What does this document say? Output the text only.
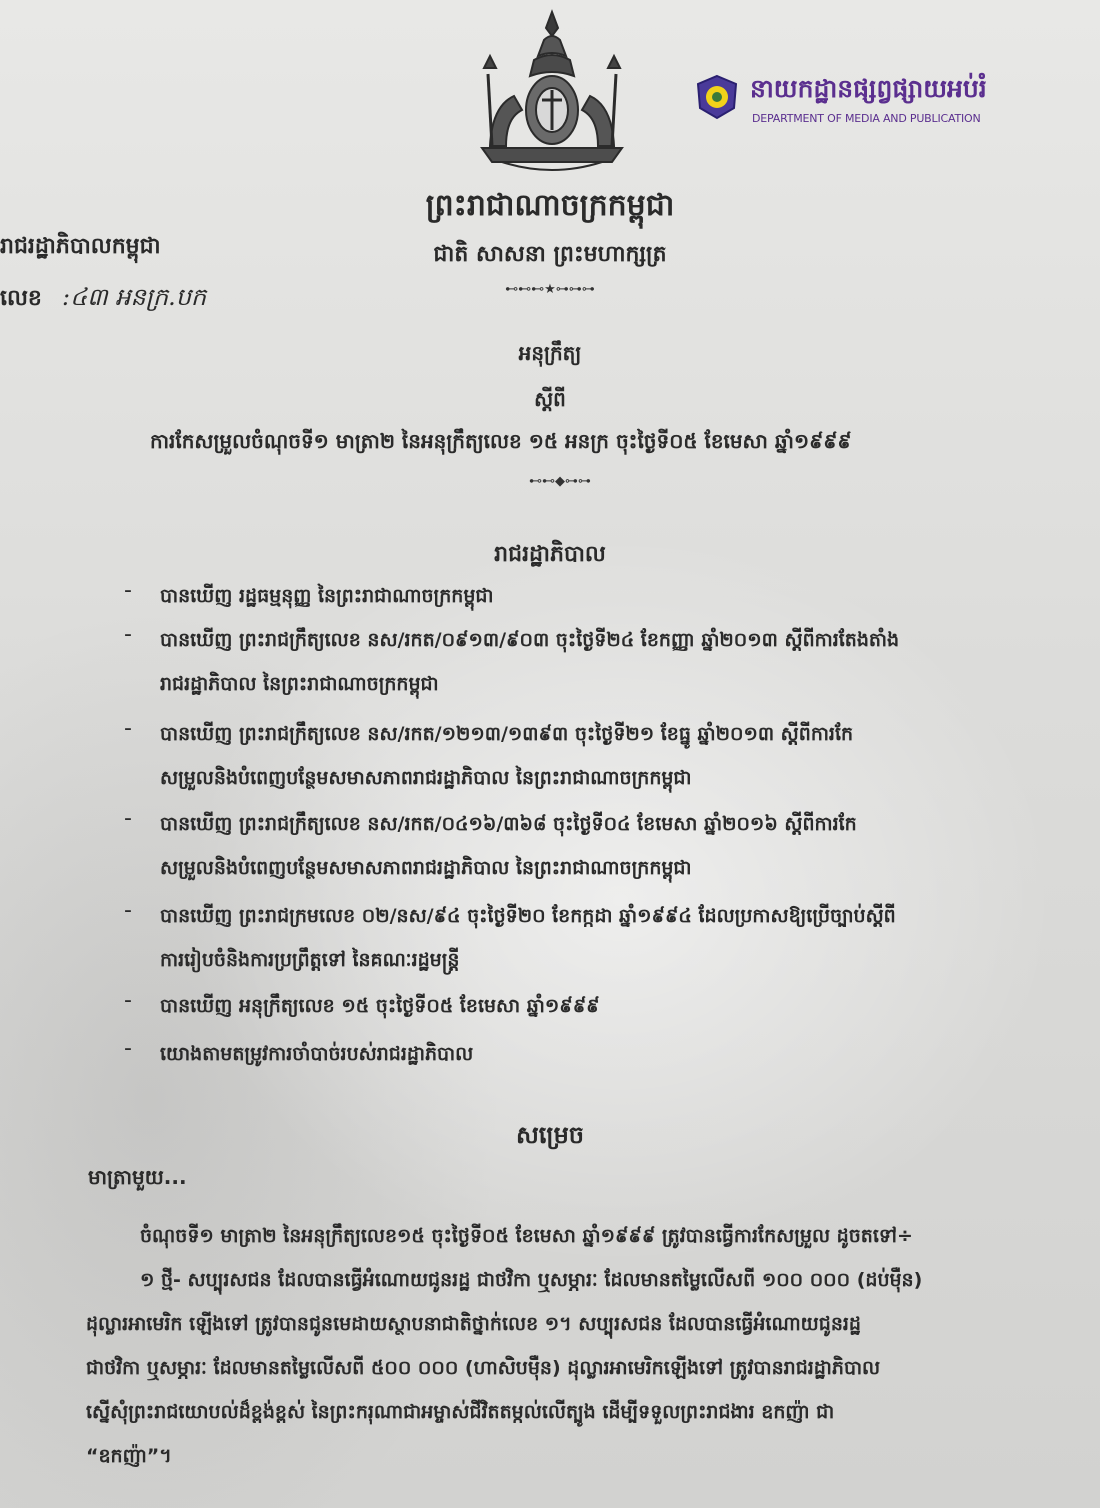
នាយកដ្ឋានផ្សព្វផ្សាយអប់រំ
DEPARTMENT OF MEDIA AND PUBLICATION
ព្រះរាជាណាចក្រកម្ពុជា
ជាតិ សាសនា ព្រះមហាក្សត្រ
⊷⊷⊷★⊶⊶⊶
រាជរដ្ឋាភិបាលកម្ពុជា
លេខ :៤៣ អនក្រ.បក
អនុក្រឹត្យ
ស្តីពី
ការកែសម្រួលចំណុចទី១ មាត្រា២ នៃអនុក្រឹត្យលេខ ១៥ អនក្រ ចុះថ្ងៃទី០៥ ខែមេសា ឆ្នាំ១៩៩៩
⊷⊷◆⊶⊶
រាជរដ្ឋាភិបាល
- បានឃើញ រដ្ឋធម្មនុញ្ញ នៃព្រះរាជាណាចក្រកម្ពុជា
- បានឃើញ ព្រះរាជក្រឹត្យលេខ នស/រកត/០៩១៣/៩០៣ ចុះថ្ងៃទី២៤ ខែកញ្ញា ឆ្នាំ២០១៣ ស្តីពីការតែងតាំង
រាជរដ្ឋាភិបាល នៃព្រះរាជាណាចក្រកម្ពុជា
- បានឃើញ ព្រះរាជក្រឹត្យលេខ នស/រកត/១២១៣/១៣៩៣ ចុះថ្ងៃទី២១ ខែធ្នូ ឆ្នាំ២០១៣ ស្តីពីការកែ
សម្រួលនិងបំពេញបន្ថែមសមាសភាពរាជរដ្ឋាភិបាល នៃព្រះរាជាណាចក្រកម្ពុជា
- បានឃើញ ព្រះរាជក្រឹត្យលេខ នស/រកត/០៤១៦/៣៦៨ ចុះថ្ងៃទី០៤ ខែមេសា ឆ្នាំ២០១៦ ស្តីពីការកែ
សម្រួលនិងបំពេញបន្ថែមសមាសភាពរាជរដ្ឋាភិបាល នៃព្រះរាជាណាចក្រកម្ពុជា
- បានឃើញ ព្រះរាជក្រមលេខ ០២/នស/៩៤ ចុះថ្ងៃទី២០ ខែកក្កដា ឆ្នាំ១៩៩៤ ដែលប្រកាសឱ្យប្រើច្បាប់ស្តីពី
ការរៀបចំនិងការប្រព្រឹត្តទៅ នៃគណៈរដ្ឋមន្ត្រី
- បានឃើញ អនុក្រឹត្យលេខ ១៥ ចុះថ្ងៃទី០៥ ខែមេសា ឆ្នាំ១៩៩៩
- យោងតាមតម្រូវការចាំបាច់របស់រាជរដ្ឋាភិបាល
សម្រេច
មាត្រាមួយ...
ចំណុចទី១ មាត្រា២ នៃអនុក្រឹត្យលេខ១៥ ចុះថ្ងៃទី០៥ ខែមេសា ឆ្នាំ១៩៩៩ ត្រូវបានធ្វើការកែសម្រួល ដូចតទៅ÷
១ ថ្មី- សប្បុរសជន ដែលបានធ្វើអំណោយជូនរដ្ឋ ជាថវិកា ឬសម្ភារៈ ដែលមានតម្លៃលើសពី ១០០ ០០០ (ដប់ម៉ឺន)
ដុល្លារអាមេរិក ឡើងទៅ ត្រូវបានជូនមេដាយស្ថាបនាជាតិថ្នាក់លេខ ១។ សប្បុរសជន ដែលបានធ្វើអំណោយជូនរដ្ឋ
ជាថវិកា ឬសម្ភារៈ ដែលមានតម្លៃលើសពី ៥០០ ០០០ (ហាសិបម៉ឺន) ដុល្លារអាមេរិកឡើងទៅ ត្រូវបានរាជរដ្ឋាភិបាល
ស្នើសុំព្រះរាជយោបល់ដ៏ខ្ពង់ខ្ពស់ នៃព្រះករុណាជាអម្ចាស់ជីវិតតម្កល់លើត្បូង ដើម្បីទទួលព្រះរាជងារ ឧកញ៉ា ជា
“ឧកញ៉ា”។
